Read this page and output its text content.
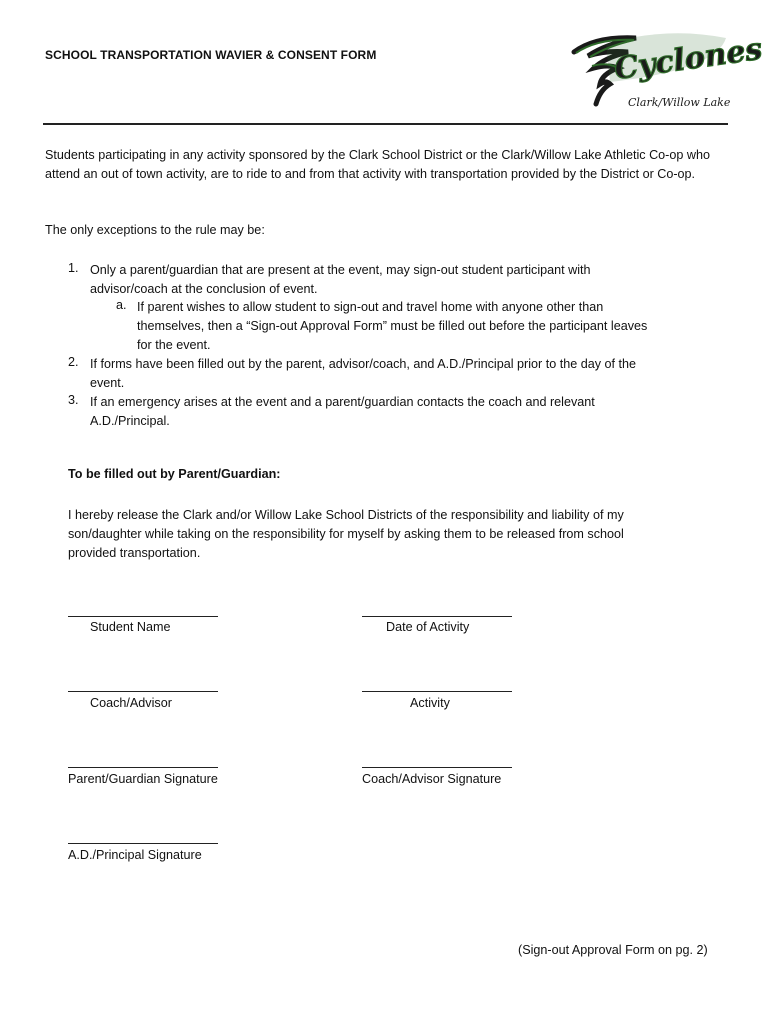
SCHOOL TRANSPORTATION WAVIER & CONSENT FORM	Cyclones
Clark/Willow Lake
Students participating in any activity sponsored by the Clark School District or the Clark/Willow Lake Athletic Co-op who attend an out of town activity, are to ride to and from that activity with transportation provided by the District or Co-op.
The only exceptions to the rule may be:
1. Only a parent/guardian that are present at the event, may sign-out student participant with
advisor/coach at the conclusion of event.
a. If parent wishes to allow student to sign-out and travel home with anyone other than
themselves, then a “Sign-out Approval Form” must be filled out before the participant leaves
for the event.
2. If forms have been filled out by the parent, advisor/coach, and A.D./Principal prior to the day of the
event.
3. If an emergency arises at the event and a parent/guardian contacts the coach and relevant
A.D./Principal.
To be filled out by Parent/Guardian:
I hereby release the Clark and/or Willow Lake School Districts of the responsibility and liability of my
son/daughter while taking on the responsibility for myself by asking them to be released from school
provided transportation.
Student Name	Date of Activity
Coach/Advisor	Activity
Parent/Guardian Signature	Coach/Advisor Signature
A.D./Principal Signature
(Sign-out Approval Form on pg. 2)
